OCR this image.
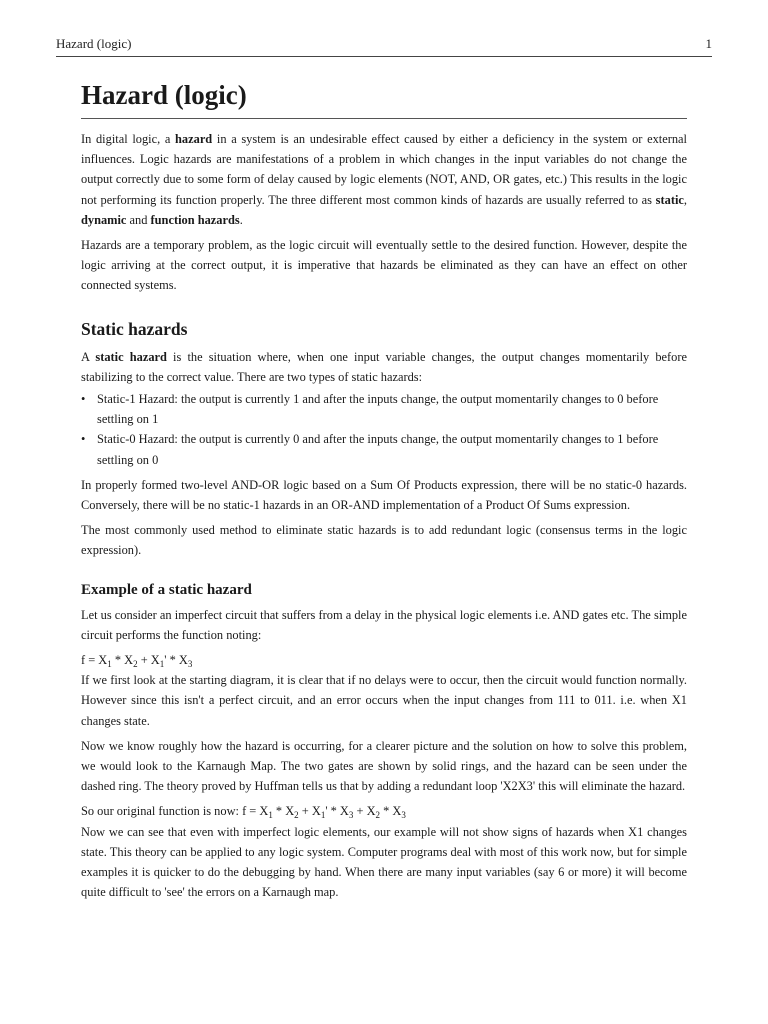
Hazard (logic)	1
Hazard (logic)

In digital logic, a hazard in a system is an undesirable effect caused by either a deficiency in the system or external influences. Logic hazards are manifestations of a problem in which changes in the input variables do not change the output correctly due to some form of delay caused by logic elements (NOT, AND, OR gates, etc.) This results in the logic not performing its function properly. The three different most common kinds of hazards are usually referred to as static, dynamic and function hazards.

Hazards are a temporary problem, as the logic circuit will eventually settle to the desired function. However, despite the logic arriving at the correct output, it is imperative that hazards be eliminated as they can have an effect on other connected systems.

Static hazards

A static hazard is the situation where, when one input variable changes, the output changes momentarily before stabilizing to the correct value. There are two types of static hazards:

• Static-1 Hazard: the output is currently 1 and after the inputs change, the output momentarily changes to 0 before settling on 1
• Static-0 Hazard: the output is currently 0 and after the inputs change, the output momentarily changes to 1 before settling on 0

In properly formed two-level AND-OR logic based on a Sum Of Products expression, there will be no static-0 hazards. Conversely, there will be no static-1 hazards in an OR-AND implementation of a Product Of Sums expression.

The most commonly used method to eliminate static hazards is to add redundant logic (consensus terms in the logic expression).

Example of a static hazard

Let us consider an imperfect circuit that suffers from a delay in the physical logic elements i.e. AND gates etc. The simple circuit performs the function noting:

$f = X_1 * X_2 + X_1' * X_3$

If we first look at the starting diagram, it is clear that if no delays were to occur, then the circuit would function normally. However since this isn't a perfect circuit, and an error occurs when the input changes from 111 to 011. i.e. when X1 changes state.

Now we know roughly how the hazard is occurring, for a clearer picture and the solution on how to solve this problem, we would look to the Karnaugh Map. The two gates are shown by solid rings, and the hazard can be seen under the dashed ring. The theory proved by Huffman tells us that by adding a redundant loop 'X2X3' this will eliminate the hazard.

So our original function is now: $f = X_1 * X_2 + X_1' * X_3 + X_2 * X_3$

Now we can see that even with imperfect logic elements, our example will not show signs of hazards when X1 changes state. This theory can be applied to any logic system. Computer programs deal with most of this work now, but for simple examples it is quicker to do the debugging by hand. When there are many input variables (say 6 or more) it will become quite difficult to 'see' the errors on a Karnaugh map.
